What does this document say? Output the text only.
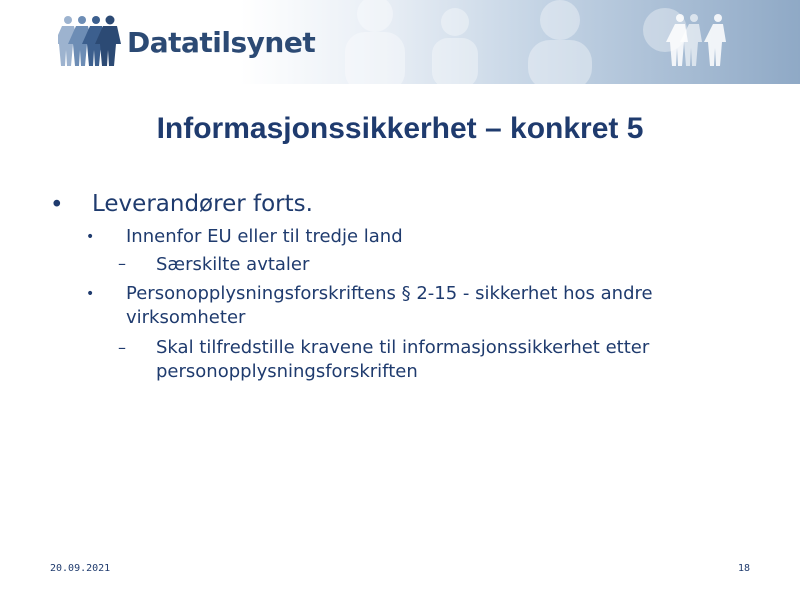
Datatilsynet
Informasjonssikkerhet – konkret 5
• Leverandører forts.
• Innenfor EU eller til tredje land
– Særskilte avtaler
• Personopplysningsforskriftens § 2-15 - sikkerhet hos andre virksomheter
– Skal tilfredstille kravene til informasjonssikkerhet etter personopplysningsforskriften
20.09.2021	18
